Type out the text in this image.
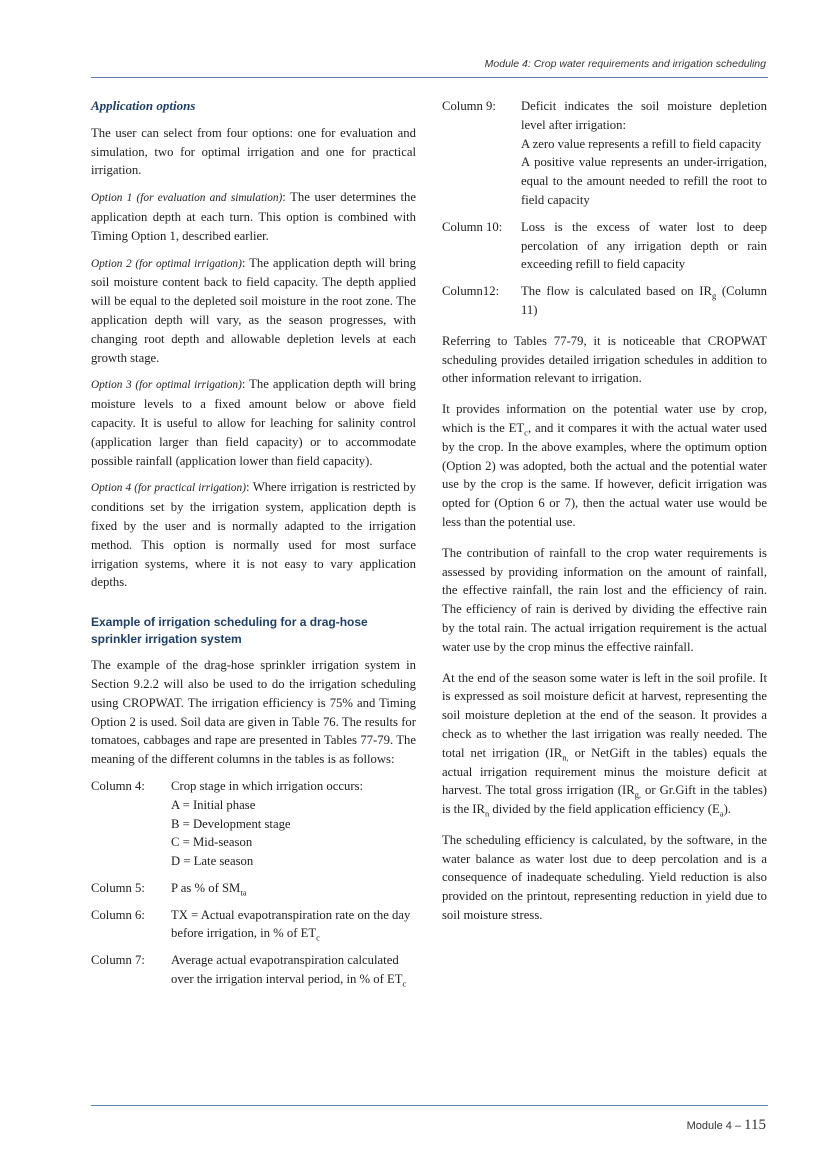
Module 4: Crop water requirements and irrigation scheduling
Application options

The user can select from four options: one for evaluation and simulation, two for optimal irrigation and one for practical irrigation.

Option 1 (for evaluation and simulation): The user determines the application depth at each turn. This option is combined with Timing Option 1, described earlier.

Option 2 (for optimal irrigation): The application depth will bring soil moisture content back to field capacity. The depth applied will be equal to the depleted soil moisture in the root zone. The application depth will vary, as the season progresses, with changing root depth and allowable depletion levels at each growth stage.

Option 3 (for optimal irrigation): The application depth will bring moisture levels to a fixed amount below or above field capacity. It is useful to allow for leaching for salinity control (application larger than field capacity) or to accommodate possible rainfall (application lower than field capacity).

Option 4 (for practical irrigation): Where irrigation is restricted by conditions set by the irrigation system, application depth is fixed by the user and is normally adapted to the irrigation method. This option is normally used for most surface irrigation systems, where it is not easy to vary application depths.

Example of irrigation scheduling for a drag-hose sprinkler irrigation system

The example of the drag-hose sprinkler irrigation system in Section 9.2.2 will also be used to do the irrigation scheduling using CROPWAT. The irrigation efficiency is 75% and Timing Option 2 is used. Soil data are given in Table 76. The results for tomatoes, cabbages and rape are presented in Tables 77-79. The meaning of the different columns in the tables is as follows:

Column 4:	Crop stage in which irrigation occurs:
A = Initial phase
B = Development stage
C = Mid-season
D = Late season
Column 5:	P as % of $SM_{ta}$
Column 6:	TX = Actual evapotranspiration rate on the day before irrigation, in % of $ET_c$
Column 7:	Average actual evapotranspiration calculated
over the irrigation interval period, in % of $ET_c$
Column 9:	Deficit indicates the soil moisture depletion level after irrigation:
A zero value represents a refill to field capacity
A positive value represents an under-irrigation, equal to the amount needed to refill the root to field capacity
Column 10:	Loss is the excess of water lost to deep percolation of any irrigation depth or rain exceeding refill to field capacity
Column12:	The flow is calculated based on $IR_g$ (Column 11)

Referring to Tables 77-79, it is noticeable that CROPWAT scheduling provides detailed irrigation schedules in addition to other information relevant to irrigation.

It provides information on the potential water use by crop, which is the $ET_c$, and it compares it with the actual water used by the crop. In the above examples, where the optimum option (Option 2) was adopted, both the actual and the potential water use by the crop is the same. If however, deficit irrigation was opted for (Option 6 or 7), then the actual water use would be less than the potential use.

The contribution of rainfall to the crop water requirements is assessed by providing information on the amount of rainfall, the effective rainfall, the rain lost and the efficiency of rain. The efficiency of rain is derived by dividing the effective rain by the total rain. The actual irrigation requirement is the actual water use by the crop minus the effective rainfall.

At the end of the season some water is left in the soil profile. It is expressed as soil moisture deficit at harvest, representing the soil moisture depletion at the end of the season. It provides a check as to whether the last irrigation was really needed. The total net irrigation ($IR_{n,}$ or NetGift in the tables) equals the actual irrigation requirement minus the moisture deficit at harvest. The total gross irrigation ($IR_{g,}$ or Gr.Gift in the tables) is the $IR_n$ divided by the field application efficiency $(E_a)$.

The scheduling efficiency is calculated, by the software, in the water balance as water lost due to deep percolation and is a consequence of inadequate scheduling. Yield reduction is also provided on the printout, representing reduction in yield due to soil moisture stress.

Module 4 – 115
